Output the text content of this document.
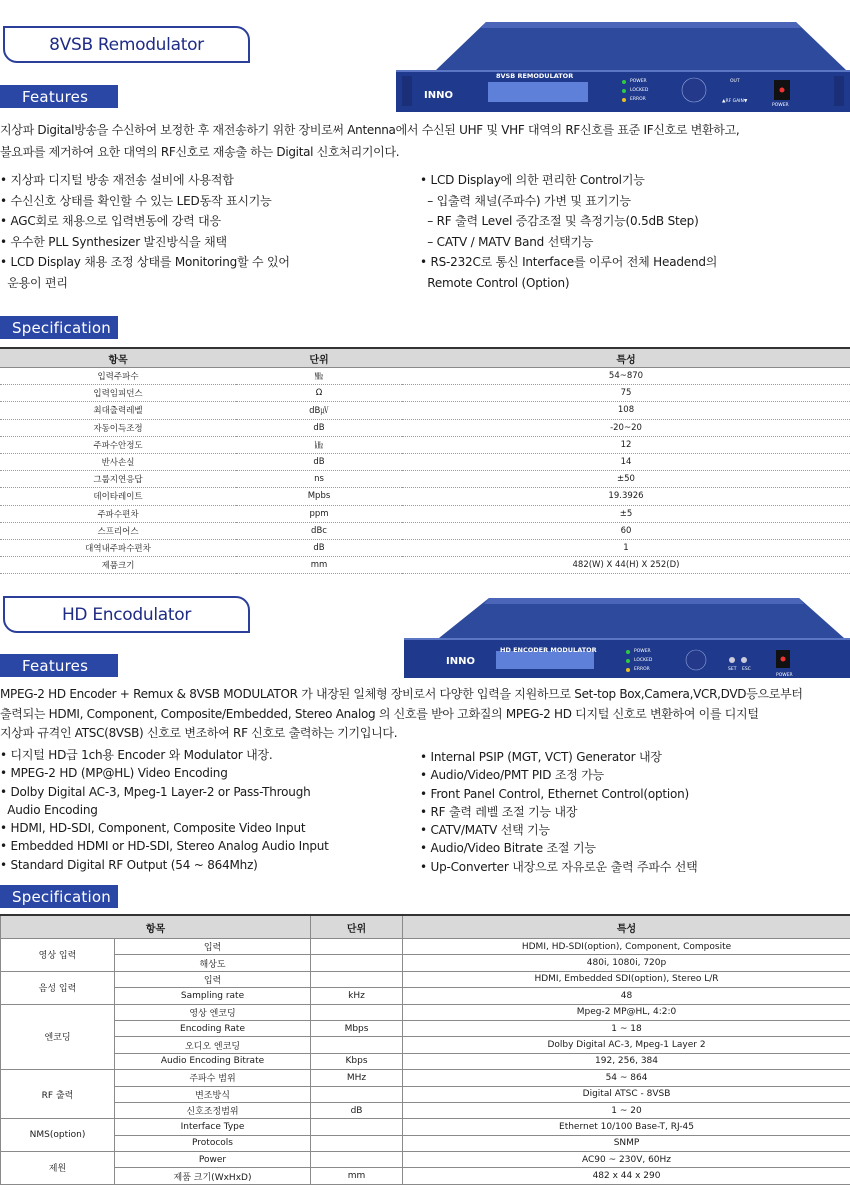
8VSB Remodulator
Features	INNO
8VSB REMODULATOR
POWER
LOCKED
ERROR
OUT
▲RF GAIN▼
POWER
지상파 Digital방송을 수신하여 보정한 후 재전송하기 위한 장비로써 Antenna에서 수신된 UHF 및 VHF 대역의 RF신호를 표준 IF신호로 변환하고,
불요파를 제거하여 요한 대역의 RF신호로 재송출 하는 Digital 신호처리기이다.
• 지상파 디지털 방송 재전송 설비에 사용적합
• 수신신호 상태를 확인할 수 있는 LED동작 표시기능
• AGC회로 채용으로 입력변동에 강력 대응
• 우수한 PLL Synthesizer 발진방식을 채택
• LCD Display 채용 조정 상태를 Monitoring할 수 있어
운용이 편리
• LCD Display에 의한 편리한 Control기능
– 입출력 채널(주파수) 가변 및 표기기능
– RF 출력 Level 증감조절 및 측정기능(0.5dB Step)
– CATV / MATV Band 선택기능
• RS-232C로 통신 Interface를 이루어 전체 Headend의
Remote Control (Option)
Specification
항목	단위	특성
입력주파수	㎒	54~870
입력임피던스	Ω	75
최대출력레벨	dB㎶	108
자동이득조정	dB	-20~20
주파수안정도	㎑	12
반사손실	dB	14
그룹지연응답	ns	±50
데이타레이트	Mpbs	19.3926
주파수편차	ppm	±5
스프리어스	dBc	60
대역내주파수편차	dB	1
제품크기	mm	482(W) X 44(H) X 252(D)
HD Encodulator
Features	INNO
HD ENCODER MODULATOR	POWER
LOCKED
ERROR	SET ESC
POWER
MPEG-2 HD Encoder + Remux & 8VSB MODULATOR 가 내장된 일체형 장비로서 다양한 입력을 지원하므로 Set-top Box,Camera,VCR,DVD등으로부터
출력되는 HDMI, Component, Composite/Embedded, Stereo Analog 의 신호를 받아 고화질의 MPEG-2 HD 디지털 신호로 변환하여 이를 디지털
지상파 규격인 ATSC(8VSB) 신호로 변조하여 RF 신호로 출력하는 기기입니다.
• 디지털 HD급 1ch용 Encoder 와 Modulator 내장.
• MPEG-2 HD (MP@HL) Video Encoding
• Dolby Digital AC-3, Mpeg-1 Layer-2 or Pass-Through
Audio Encoding
• HDMI, HD-SDI, Component, Composite Video Input
• Embedded HDMI or HD-SDI, Stereo Analog Audio Input
• Standard Digital RF Output (54 ~ 864Mhz)
• Internal PSIP (MGT, VCT) Generator 내장
• Audio/Video/PMT PID 조정 가능
• Front Panel Control, Ethernet Control(option)
• RF 출력 레벨 조절 기능 내장
• CATV/MATV 선택 기능
• Audio/Video Bitrate 조절 기능
• Up-Converter 내장으로 자유로운 출력 주파수 선택
Specification
항목		단위	특성
영상 입력	입력		HDMI, HD-SDI(option), Component, Composite
	해상도		480i, 1080i, 720p
음성 입력	입력		HDMI, Embedded SDI(option), Stereo L/R
	Sampling rate	kHz	48
엔코딩	영상 엔코딩		Mpeg-2 MP@HL, 4:2:0
	Encoding Rate	Mbps	1 ~ 18
	오디오 엔코딩		Dolby Digital AC-3, Mpeg-1 Layer 2
	Audio Encoding Bitrate	Kbps	192, 256, 384
RF 출력	주파수 범위	MHz	54 ~ 864
	변조방식		Digital ATSC - 8VSB
	신호조정범위	dB	1 ~ 20
NMS(option)	Interface Type		Ethernet 10/100 Base-T, RJ-45
	Protocols		SNMP
제원	Power		AC90 ~ 230V, 60Hz
	제품 크기(WxHxD)	mm	482 x 44 x 290
